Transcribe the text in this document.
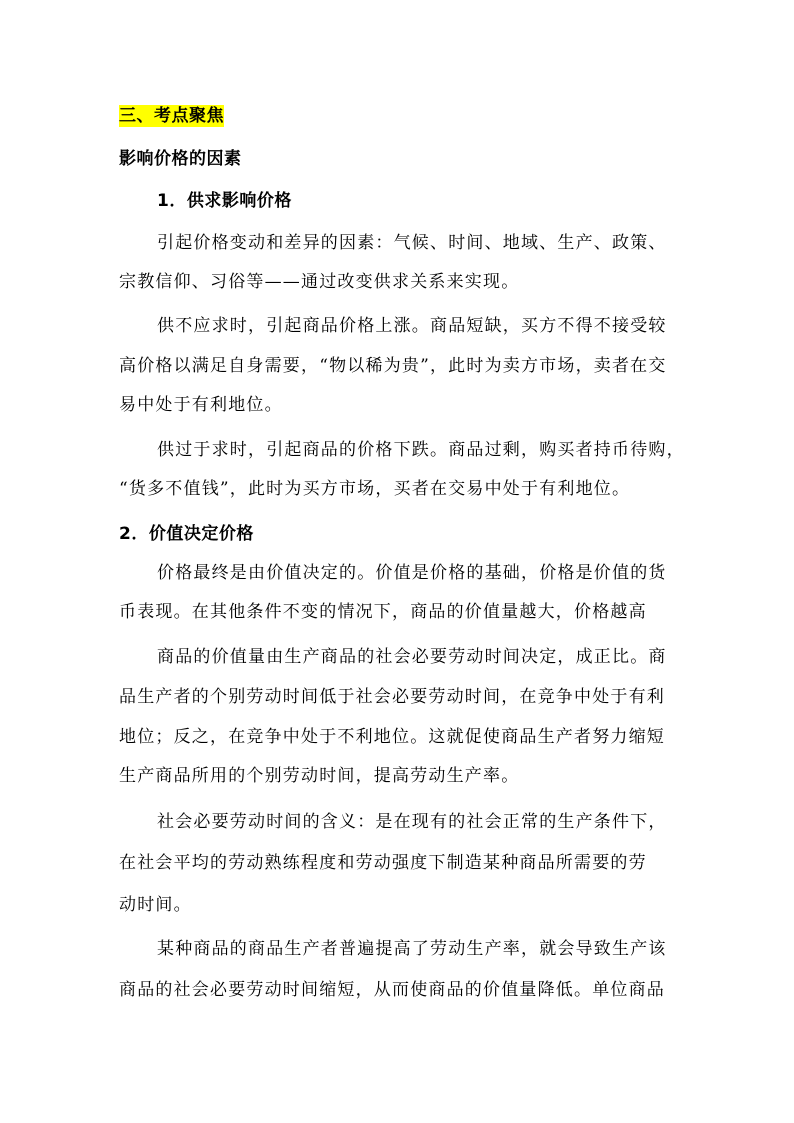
三、考点聚焦
影响价格的因素
1．供求影响价格
引起价格变动和差异的因素：气候、时间、地域、生产、政策、
宗教信仰、习俗等——通过改变供求关系来实现。
供不应求时，引起商品价格上涨。商品短缺，买方不得不接受较
高价格以满足自身需要，“物以稀为贵”，此时为卖方市场，卖者在交
易中处于有利地位。
供过于求时，引起商品的价格下跌。商品过剩，购买者持币待购，
“货多不值钱”，此时为买方市场，买者在交易中处于有利地位。
2．价值决定价格
价格最终是由价值决定的。价值是价格的基础，价格是价值的货
币表现。在其他条件不变的情况下，商品的价值量越大，价格越高
商品的价值量由生产商品的社会必要劳动时间决定，成正比。商
品生产者的个别劳动时间低于社会必要劳动时间，在竞争中处于有利
地位；反之，在竞争中处于不利地位。这就促使商品生产者努力缩短
生产商品所用的个别劳动时间，提高劳动生产率。
社会必要劳动时间的含义：是在现有的社会正常的生产条件下，
在社会平均的劳动熟练程度和劳动强度下制造某种商品所需要的劳
动时间。
某种商品的商品生产者普遍提高了劳动生产率，就会导致生产该
商品的社会必要劳动时间缩短，从而使商品的价值量降低。单位商品
